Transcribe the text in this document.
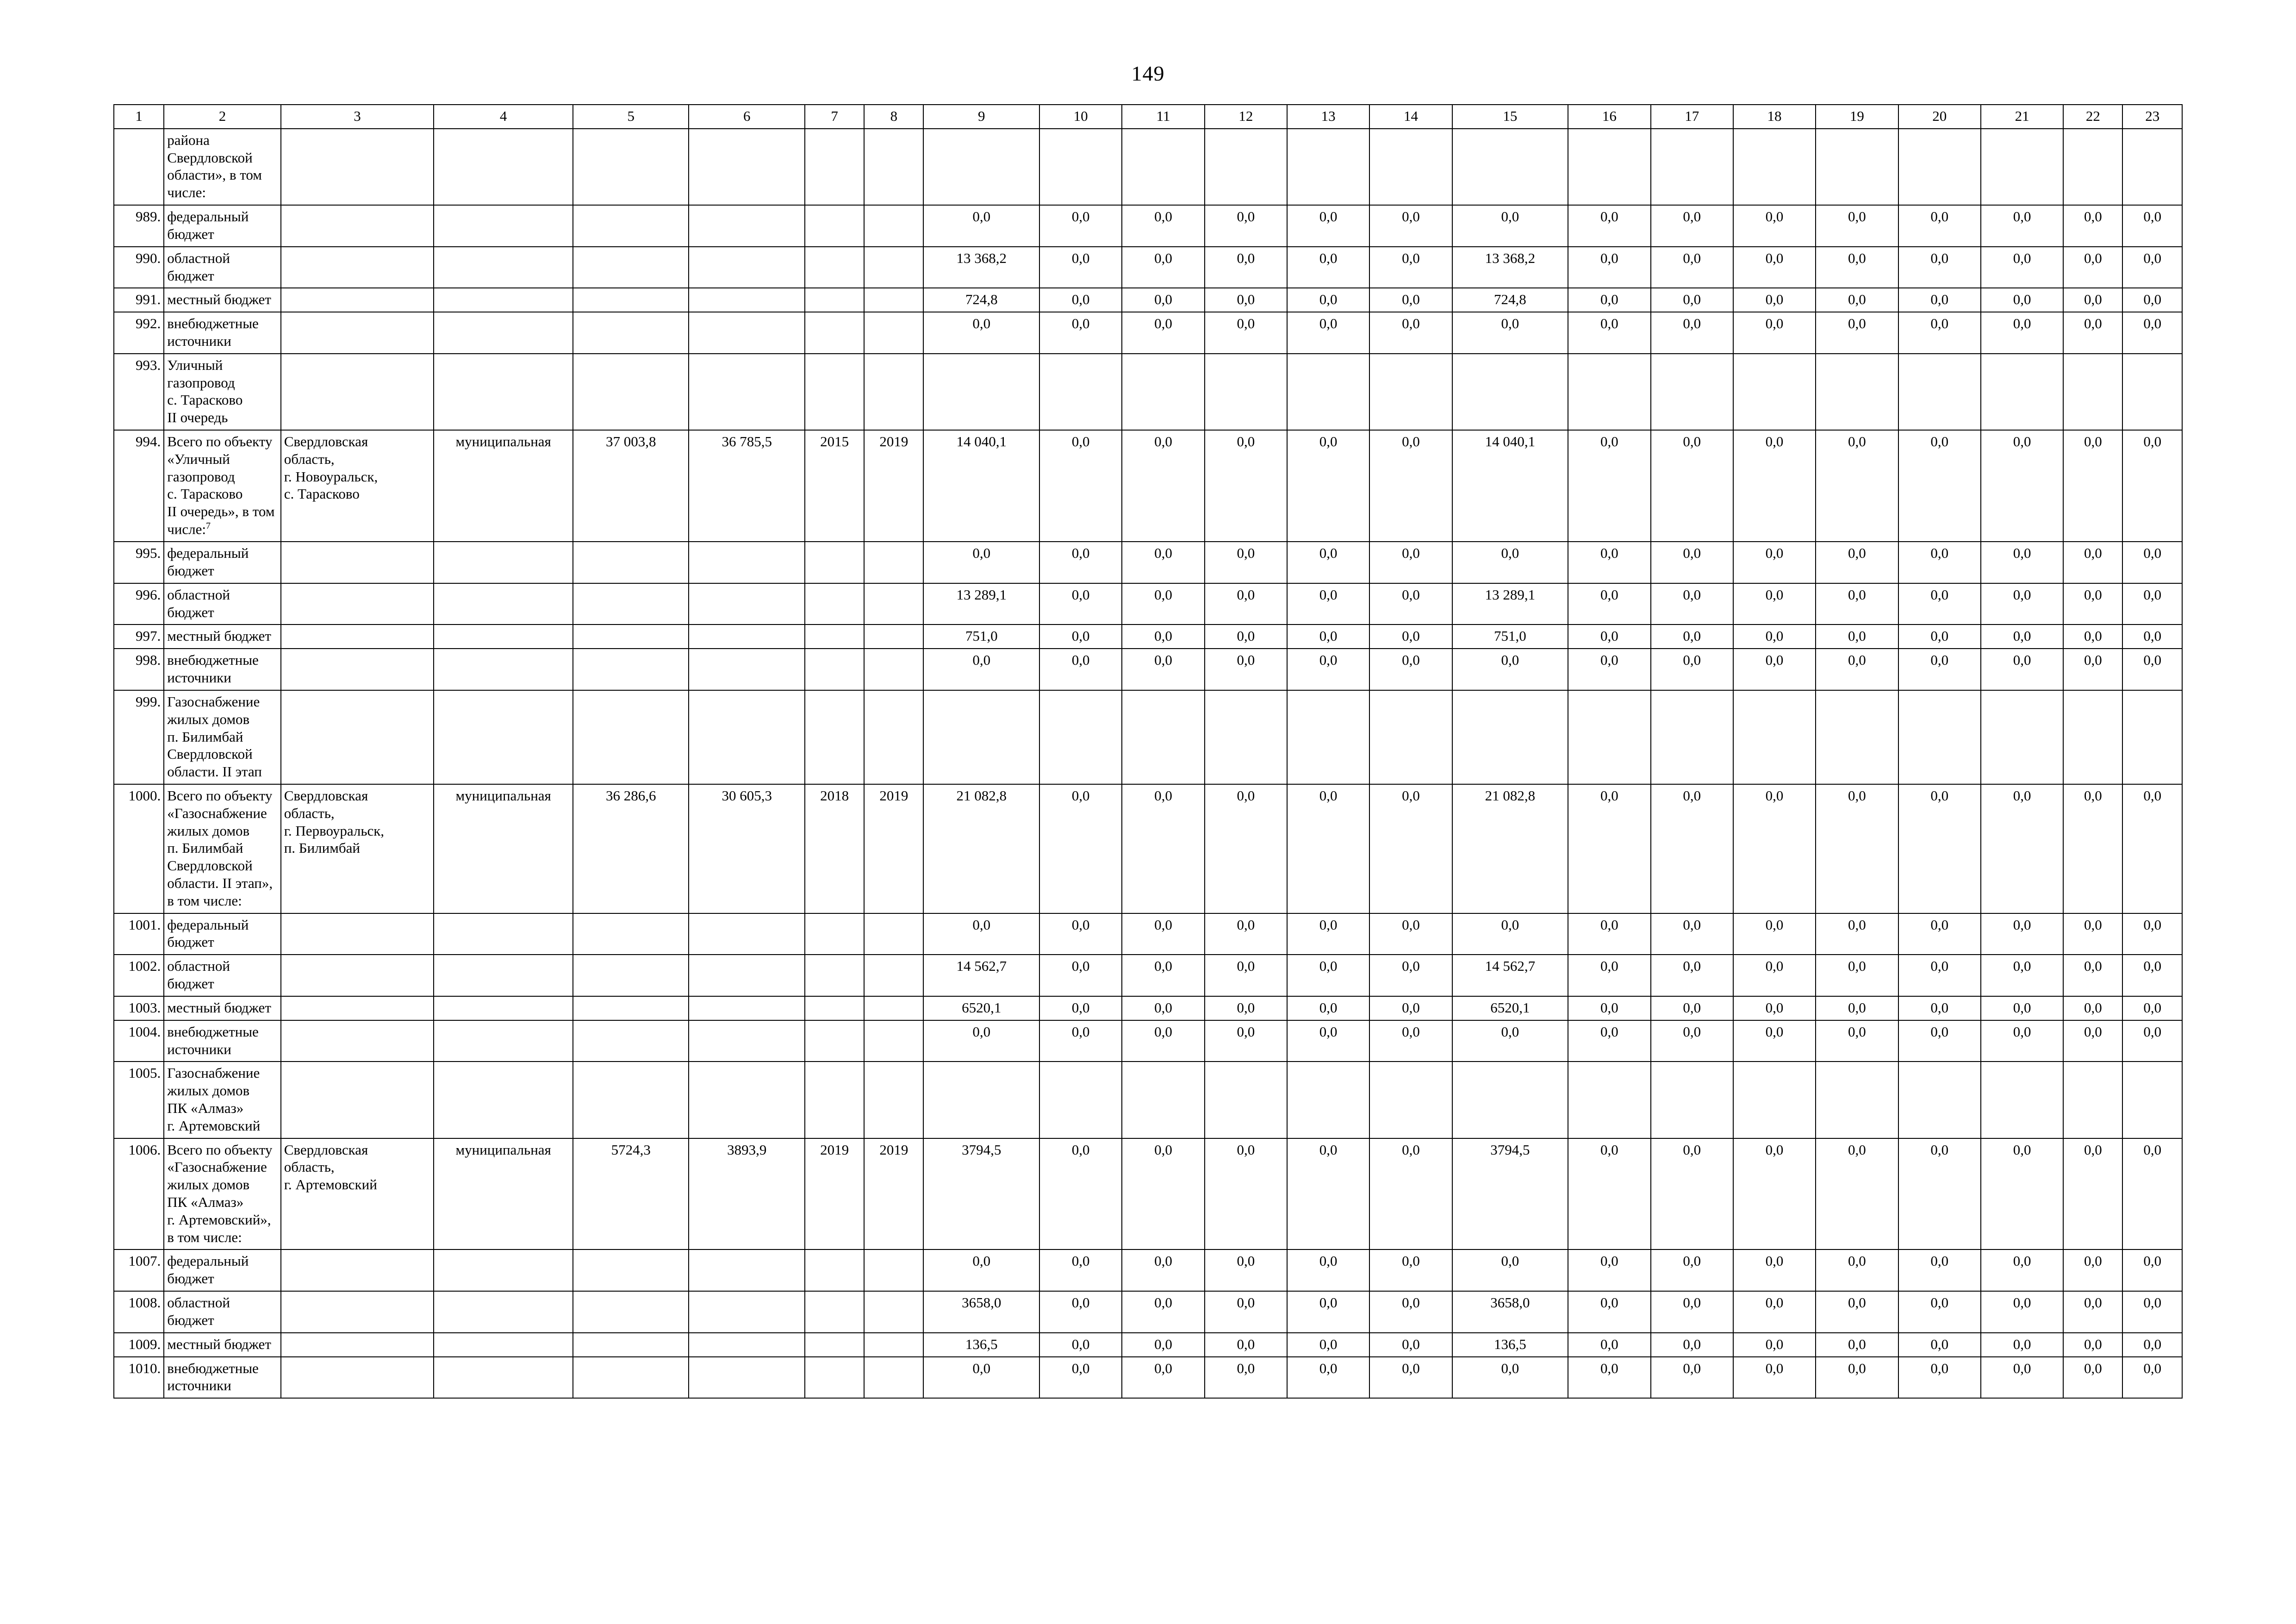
149
1	2	3	4	5	6	7	8	9	10	11	12	13	14	15	16	17	18	19	20	21	22	23
	района
Свердловской
области», в том
числе:																					
989.	федеральный
бюджет							0,0	0,0	0,0	0,0	0,0	0,0	0,0	0,0	0,0	0,0	0,0	0,0	0,0	0,0	0,0
990.	областной бюджет							13 368,2	0,0	0,0	0,0	0,0	0,0	13 368,2	0,0	0,0	0,0	0,0	0,0	0,0	0,0	0,0
991.	местный бюджет							724,8	0,0	0,0	0,0	0,0	0,0	724,8	0,0	0,0	0,0	0,0	0,0	0,0	0,0	0,0
992.	внебюджетные
источники							0,0	0,0	0,0	0,0	0,0	0,0	0,0	0,0	0,0	0,0	0,0	0,0	0,0	0,0	0,0
993.	Уличный
газопровод
с. Тарасково
II очередь																					
994.	Всего по объекту
«Уличный
газопровод
с. Тарасково
II очередь», в том
числе:$^7$	Свердловская
область,
г. Новоуральск,
с. Тарасково	муниципальная	37 003,8	36 785,5	2015	2019	14 040,1	0,0	0,0	0,0	0,0	0,0	14 040,1	0,0	0,0	0,0	0,0	0,0	0,0	0,0	0,0
995.	федеральный
бюджет							0,0	0,0	0,0	0,0	0,0	0,0	0,0	0,0	0,0	0,0	0,0	0,0	0,0	0,0	0,0
996.	областной бюджет							13 289,1	0,0	0,0	0,0	0,0	0,0	13 289,1	0,0	0,0	0,0	0,0	0,0	0,0	0,0	0,0
997.	местный бюджет							751,0	0,0	0,0	0,0	0,0	0,0	751,0	0,0	0,0	0,0	0,0	0,0	0,0	0,0	0,0
998.	внебюджетные
источники							0,0	0,0	0,0	0,0	0,0	0,0	0,0	0,0	0,0	0,0	0,0	0,0	0,0	0,0	0,0
999.	Газоснабжение
жилых домов
п. Билимбай
Свердловской
области. II этап																					
1000.	Всего по объекту
«Газоснабжение
жилых домов
п. Билимбай
Свердловской
области. II этап»,
в том числе:	Свердловская
область,
г. Первоуральск,
п. Билимбай	муниципальная	36 286,6	30 605,3	2018	2019	21 082,8	0,0	0,0	0,0	0,0	0,0	21 082,8	0,0	0,0	0,0	0,0	0,0	0,0	0,0	0,0
1001.	федеральный
бюджет							0,0	0,0	0,0	0,0	0,0	0,0	0,0	0,0	0,0	0,0	0,0	0,0	0,0	0,0	0,0
1002.	областной бюджет							14 562,7	0,0	0,0	0,0	0,0	0,0	14 562,7	0,0	0,0	0,0	0,0	0,0	0,0	0,0	0,0
1003.	местный бюджет							6520,1	0,0	0,0	0,0	0,0	0,0	6520,1	0,0	0,0	0,0	0,0	0,0	0,0	0,0	0,0
1004.	внебюджетные
источники							0,0	0,0	0,0	0,0	0,0	0,0	0,0	0,0	0,0	0,0	0,0	0,0	0,0	0,0	0,0
1005.	Газоснабжение
жилых домов
ПК «Алмаз»
г. Артемовский																					
1006.	Всего по объекту
«Газоснабжение
жилых домов
ПК «Алмаз»
г. Артемовский»,
в том числе:	Свердловская
область,
г. Артемовский	муниципальная	5724,3	3893,9	2019	2019	3794,5	0,0	0,0	0,0	0,0	0,0	3794,5	0,0	0,0	0,0	0,0	0,0	0,0	0,0	0,0
1007.	федеральный
бюджет							0,0	0,0	0,0	0,0	0,0	0,0	0,0	0,0	0,0	0,0	0,0	0,0	0,0	0,0	0,0
1008.	областной бюджет							3658,0	0,0	0,0	0,0	0,0	0,0	3658,0	0,0	0,0	0,0	0,0	0,0	0,0	0,0	0,0
1009.	местный бюджет							136,5	0,0	0,0	0,0	0,0	0,0	136,5	0,0	0,0	0,0	0,0	0,0	0,0	0,0	0,0
1010.	внебюджетные
источники							0,0	0,0	0,0	0,0	0,0	0,0	0,0	0,0	0,0	0,0	0,0	0,0	0,0	0,0	0,0
